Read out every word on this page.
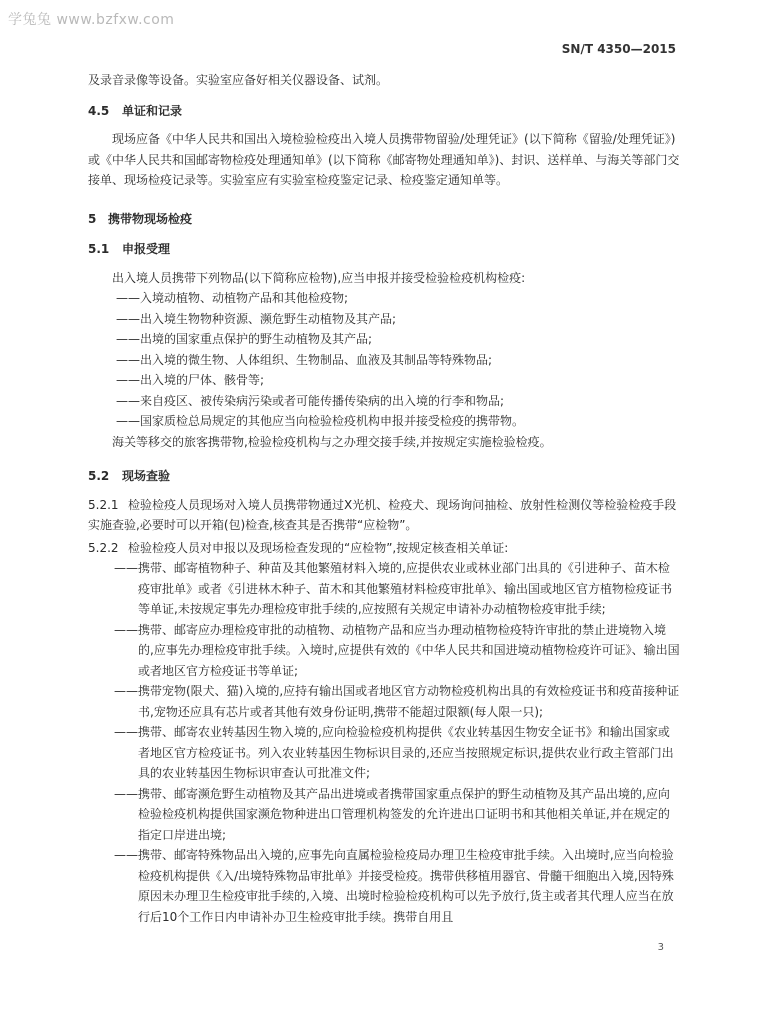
学兔兔 www.bzfxw.com
SN/T 4350—2015

及录音录像等设备。实验室应备好相关仪器设备、试剂。

4.5 单证和记录

现场应备《中华人民共和国出入境检验检疫出入境人员携带物留验/处理凭证》(以下简称《留验/处理凭证》)或《中华人民共和国邮寄物检疫处理通知单》(以下简称《邮寄物处理通知单》)、封识、送样单、与海关等部门交接单、现场检疫记录等。实验室应有实验室检疫鉴定记录、检疫鉴定通知单等。

5 携带物现场检疫

5.1 申报受理

出入境人员携带下列物品(以下简称应检物),应当申报并接受检验检疫机构检疫:

——入境动植物、动植物产品和其他检疫物;

——出入境生物物种资源、濒危野生动植物及其产品;

——出境的国家重点保护的野生动植物及其产品;

——出入境的微生物、人体组织、生物制品、血液及其制品等特殊物品;

——出入境的尸体、骸骨等;

——来自疫区、被传染病污染或者可能传播传染病的出入境的行李和物品;

——国家质检总局规定的其他应当向检验检疫机构申报并接受检疫的携带物。

海关等移交的旅客携带物,检验检疫机构与之办理交接手续,并按规定实施检验检疫。

5.2 现场查验

5.2.1 检验检疫人员现场对入境人员携带物通过X光机、检疫犬、现场询问抽检、放射性检测仪等检验检疫手段实施查验,必要时可以开箱(包)检查,核查其是否携带“应检物”。

5.2.2 检验检疫人员对申报以及现场检查发现的“应检物”,按规定核查相关单证:

——携带、邮寄植物种子、种苗及其他繁殖材料入境的,应提供农业或林业部门出具的《引进种子、苗木检疫审批单》或者《引进林木种子、苗木和其他繁殖材料检疫审批单》、输出国或地区官方植物检疫证书等单证,未按规定事先办理检疫审批手续的,应按照有关规定申请补办动植物检疫审批手续;

——携带、邮寄应办理检疫审批的动植物、动植物产品和应当办理动植物检疫特许审批的禁止进境物入境的,应事先办理检疫审批手续。入境时,应提供有效的《中华人民共和国进境动植物检疫许可证》、输出国或者地区官方检疫证书等单证;

——携带宠物(限犬、猫)入境的,应持有输出国或者地区官方动物检疫机构出具的有效检疫证书和疫苗接种证书,宠物还应具有芯片或者其他有效身份证明,携带不能超过限额(每人限一只);

——携带、邮寄农业转基因生物入境的,应向检验检疫机构提供《农业转基因生物安全证书》和输出国家或者地区官方检疫证书。列入农业转基因生物标识目录的,还应当按照规定标识,提供农业行政主管部门出具的农业转基因生物标识审查认可批准文件;

——携带、邮寄濒危野生动植物及其产品出进境或者携带国家重点保护的野生动植物及其产品出境的,应向检验检疫机构提供国家濒危物种进出口管理机构签发的允许进出口证明书和其他相关单证,并在规定的指定口岸进出境;

——携带、邮寄特殊物品出入境的,应事先向直属检验检疫局办理卫生检疫审批手续。入出境时,应当向检验检疫机构提供《入/出境特殊物品审批单》并接受检疫。携带供移植用器官、骨髓干细胞出入境,因特殊原因未办理卫生检疫审批手续的,入境、出境时检验检疫机构可以先予放行,货主或者其代理人应当在放行后10个工作日内申请补办卫生检疫审批手续。携带自用且

3
